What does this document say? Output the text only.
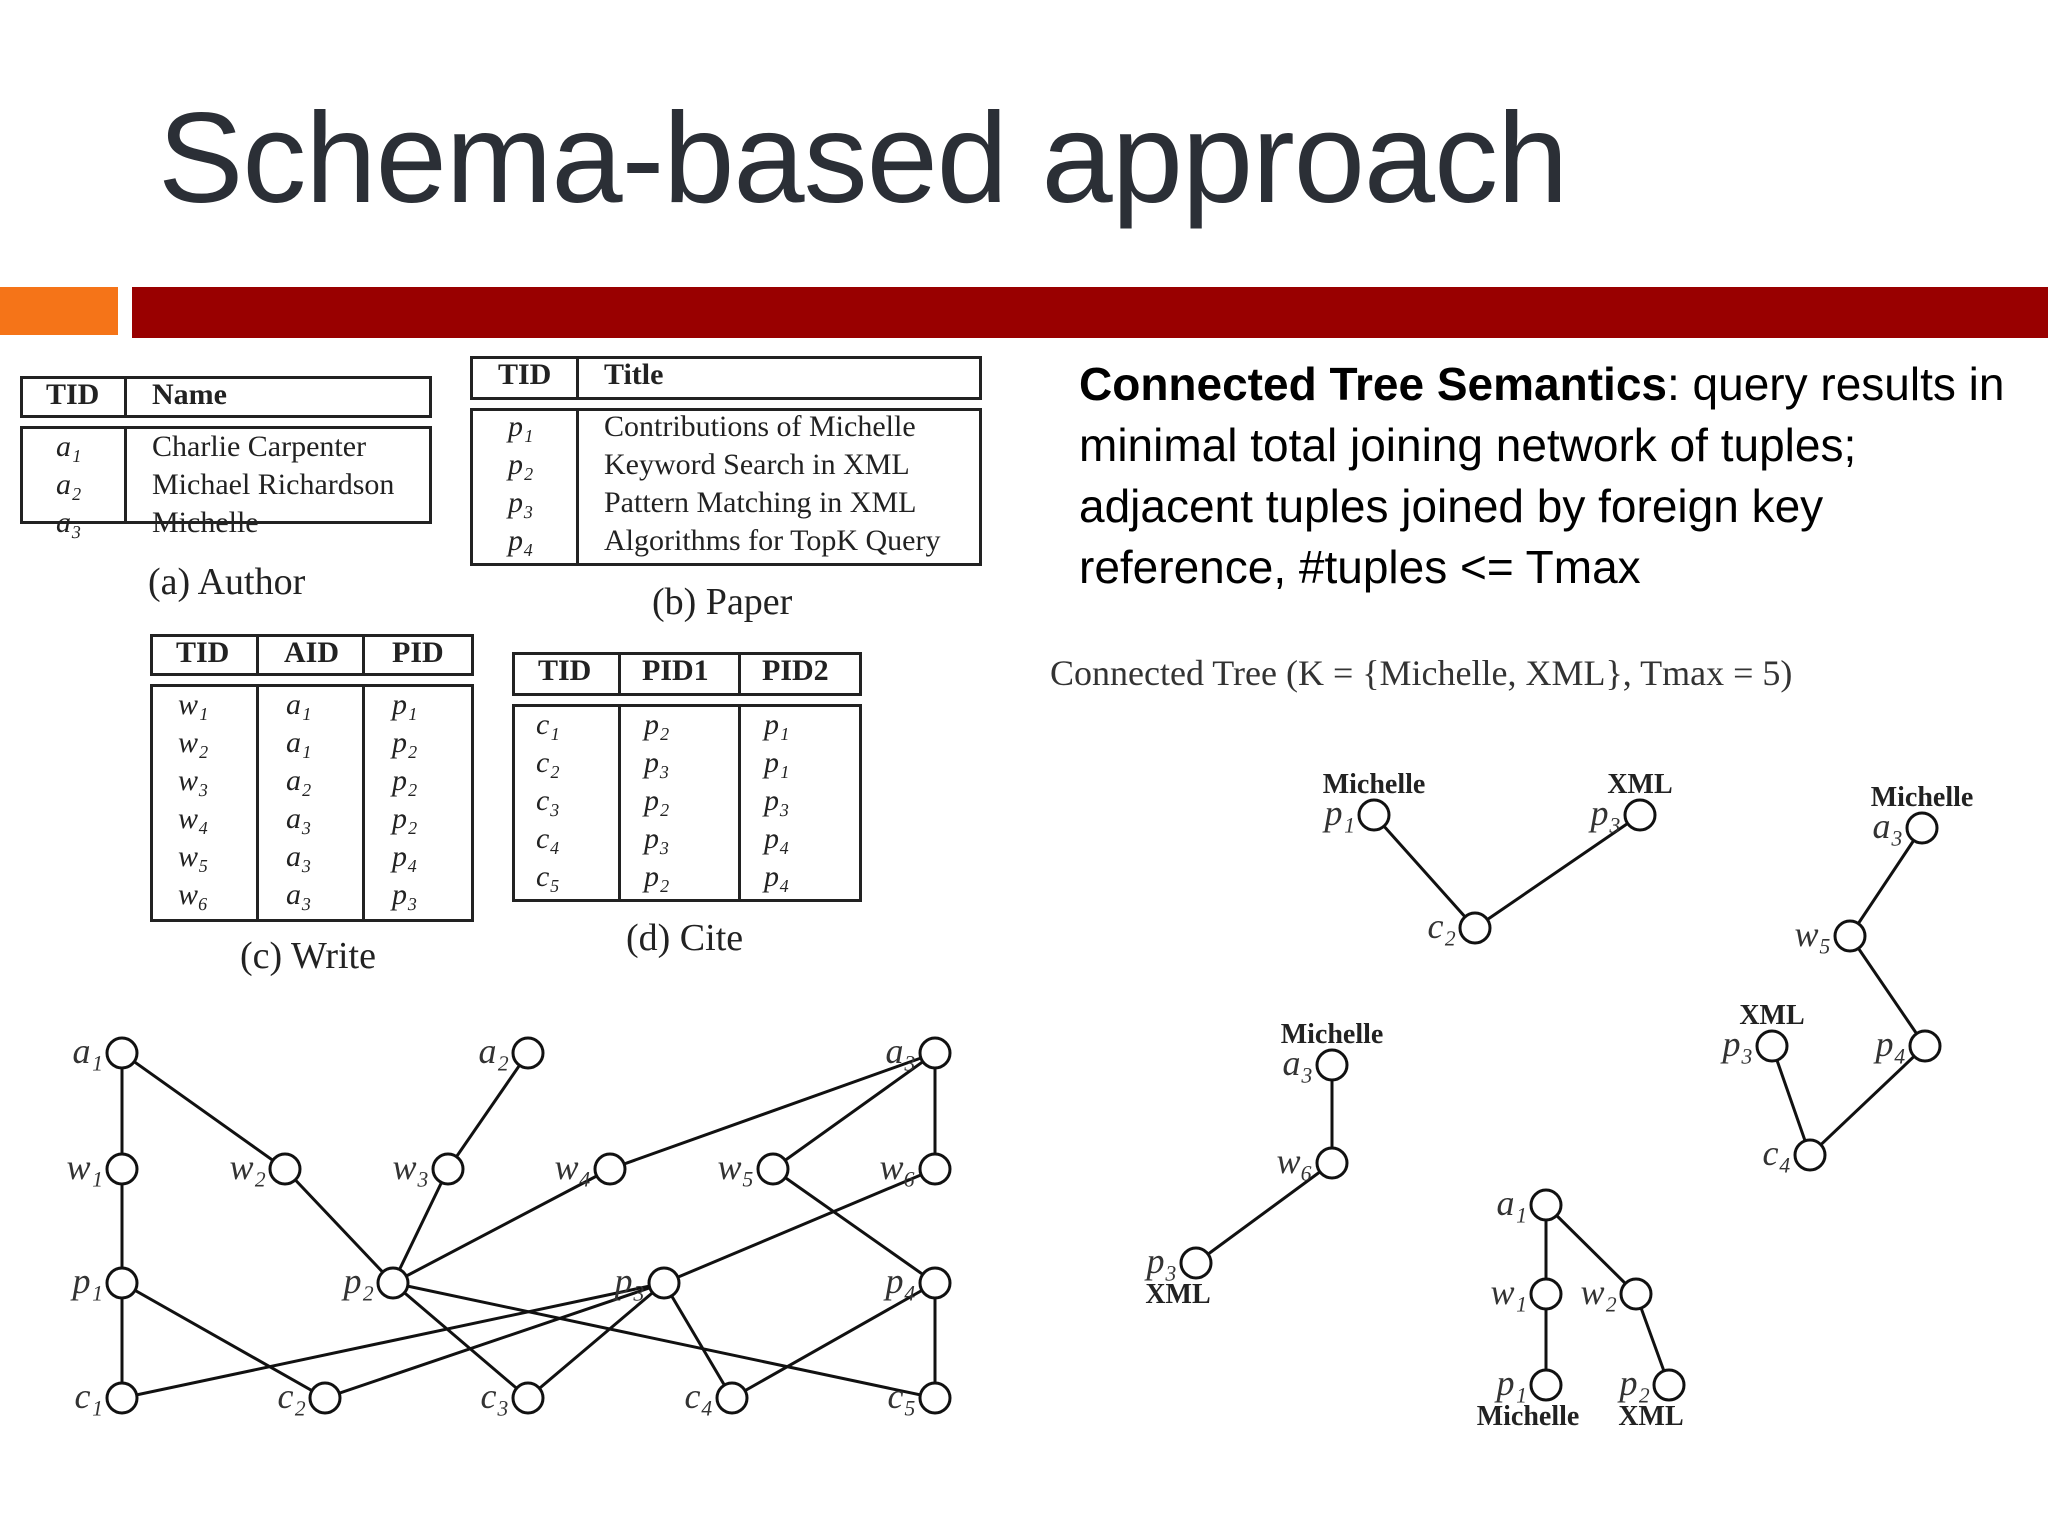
Schema-based approach
TID Name
a₁ Charlie Carpenter
a₂ Michael Richardson
a₃ Michelle
(a) Author
TID Title
p₁ Contributions of Michelle
p₂ Keyword Search in XML
p₃ Pattern Matching in XML
p₄ Algorithms for TopK Query
(b) Paper
TID AID PID
w₁	a₁	p₁
w₂	a₁	p₂
w₃	a₂	p₂
w₄	a₃	p₂
w₅	a₃	p₄
w₆	a₃	p₃
(c) Write
TID PID1 PID2
c₁	p₂	p₁
c₂	p₃	p₁
c₃	p₂	p₃
c₄	p₃	p₄
c₅	p₂	p₄
(d) Cite
Connected Tree Semantics: query results in minimal total joining network of tuples; adjacent tuples joined by foreign key reference, #tuples <= Tmax
Connected Tree (K = {Michelle, XML}, Tmax = 5)
a₁	a₂	a₃
w₁	w₂	w₃	w₄	w₅	w₆
p₁	p₂	p₃	p₄
c₁	c₂	c₃	c₄	c₅
p₁
Michelle
p₃
XML
c₂
a₃
Michelle
w₅
p₄
p₃
XML
c₄
a₃
Michelle
w₆
p₃
XML
a₁
w₁ w₂
p₁
Michelle
p₂
XML
